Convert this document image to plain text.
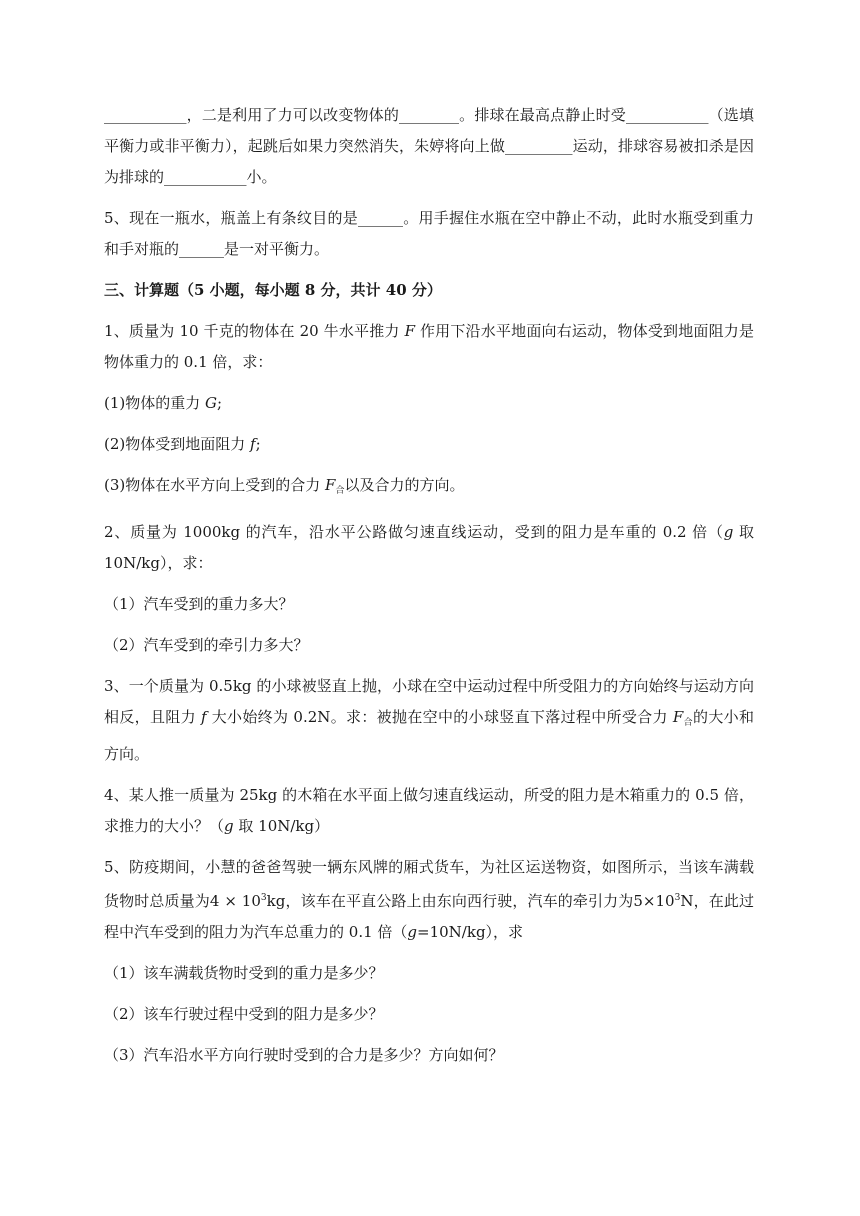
___________，二是利用了力可以改变物体的________。排球在最高点静止时受___________（选填平衡力或非平衡力），起跳后如果力突然消失，朱婷将向上做_________运动，排球容易被扣杀是因为排球的___________小。

5、现在一瓶水，瓶盖上有条纹目的是______。用手握住水瓶在空中静止不动，此时水瓶受到重力和手对瓶的______是一对平衡力。

三、计算题（5 小题，每小题 8 分，共计 40 分）

1、质量为 10 千克的物体在 20 牛水平推力 F 作用下沿水平地面向右运动，物体受到地面阻力是物体重力的 0.1 倍，求：

(1)物体的重力 G;
(2)物体受到地面阻力 f;
(3)物体在水平方向上受到的合力 $F_合$以及合力的方向。

2、质量为 1000kg 的汽车，沿水平公路做匀速直线运动，受到的阻力是车重的 0.2 倍（g 取10N/kg），求：

（1）汽车受到的重力多大？
（2）汽车受到的牵引力多大？

3、一个质量为 0.5kg 的小球被竖直上抛，小球在空中运动过程中所受阻力的方向始终与运动方向相反，且阻力 f 大小始终为 0.2N。求：被抛在空中的小球竖直下落过程中所受合力 $F_合$的大小和方向。

4、某人推一质量为 25kg 的木箱在水平面上做匀速直线运动，所受的阻力是木箱重力的 0.5 倍，求推力的大小？（g 取 10N/kg）

5、防疫期间，小慧的爸爸驾驶一辆东风牌的厢式货车，为社区运送物资，如图所示，当该车满载货物时总质量为$4 \times 10^3kg$，该车在平直公路上由东向西行驶，汽车的牵引力为$5\times 10^3N$，在此过程中汽车受到的阻力为汽车总重力的 0.1 倍（g=10N/kg），求

（1）该车满载货物时受到的重力是多少？
（2）该车行驶过程中受到的阻力是多少？
（3）汽车沿水平方向行驶时受到的合力是多少？方向如何？
